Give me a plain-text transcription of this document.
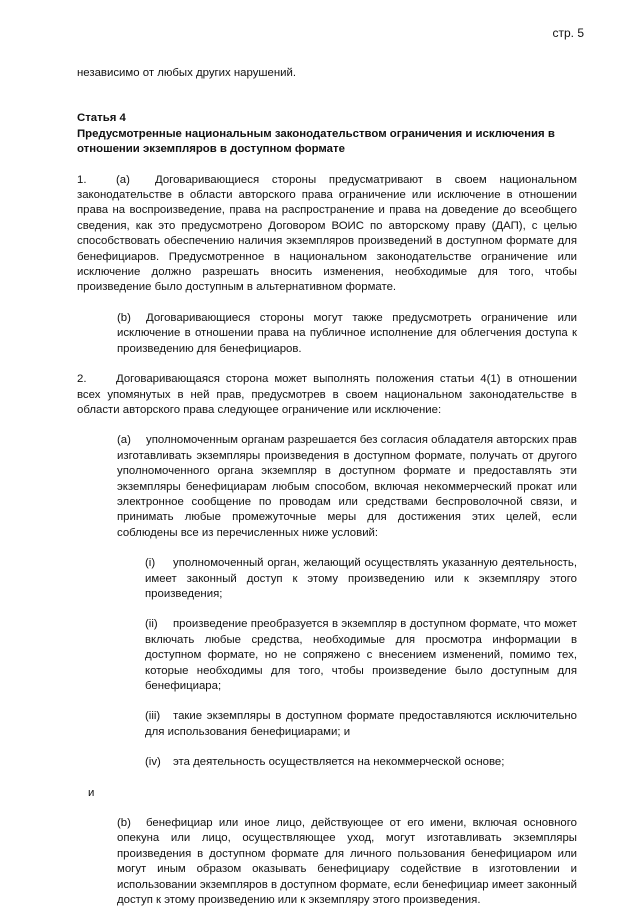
стр. 5

независимо от любых других нарушений.

Статья 4

Предусмотренные национальным законодательством ограничения и исключения в отношении экземпляров в доступном формате

1.	(a) Договаривающиеся стороны предусматривают в своем национальном законодательстве в области авторского права ограничение или исключение в отношении права на воспроизведение, права на распространение и права на доведение до всеобщего сведения, как это предусмотрено Договором ВОИС по авторскому праву (ДАП), с целью способствовать обеспечению наличия экземпляров произведений в доступном формате для бенефициаров. Предусмотренное в национальном законодательстве ограничение или исключение должно разрешать вносить изменения, необходимые для того, чтобы произведение было доступным в альтернативном формате.

(b) Договаривающиеся стороны могут также предусмотреть ограничение или исключение в отношении права на публичное исполнение для облегчения доступа к произведению для бенефициаров.

2.	Договаривающаяся сторона может выполнять положения статьи 4(1) в отношении всех упомянутых в ней прав, предусмотрев в своем национальном законодательстве в области авторского права следующее ограничение или исключение:

(a) уполномоченным органам разрешается без согласия обладателя авторских прав изготавливать экземпляры произведения в доступном формате, получать от другого уполномоченного органа экземпляр в доступном формате и предоставлять эти экземпляры бенефициарам любым способом, включая некоммерческий прокат или электронное сообщение по проводам или средствами беспроволочной связи, и принимать любые промежуточные меры для достижения этих целей, если соблюдены все из перечисленных ниже условий:

(i) уполномоченный орган, желающий осуществлять указанную деятельность, имеет законный доступ к этому произведению или к экземпляру этого произведения;

(ii) произведение преобразуется в экземпляр в доступном формате, что может включать любые средства, необходимые для просмотра информации в доступном формате, но не сопряжено с внесением изменений, помимо тех, которые необходимы для того, чтобы произведение было доступным для бенефициара;

(iii) такие экземпляры в доступном формате предоставляются исключительно для использования бенефициарами; и

(iv) эта деятельность осуществляется на некоммерческой основе;

и

(b) бенефициар или иное лицо, действующее от его имени, включая основного опекуна или лицо, осуществляющее уход, могут изготавливать экземпляры произведения в доступном формате для личного пользования бенефициаром или могут иным образом оказывать бенефициару содействие в изготовлении и использовании экземпляров в доступном формате, если бенефициар имеет законный доступ к этому произведению или к экземпляру этого произведения.
